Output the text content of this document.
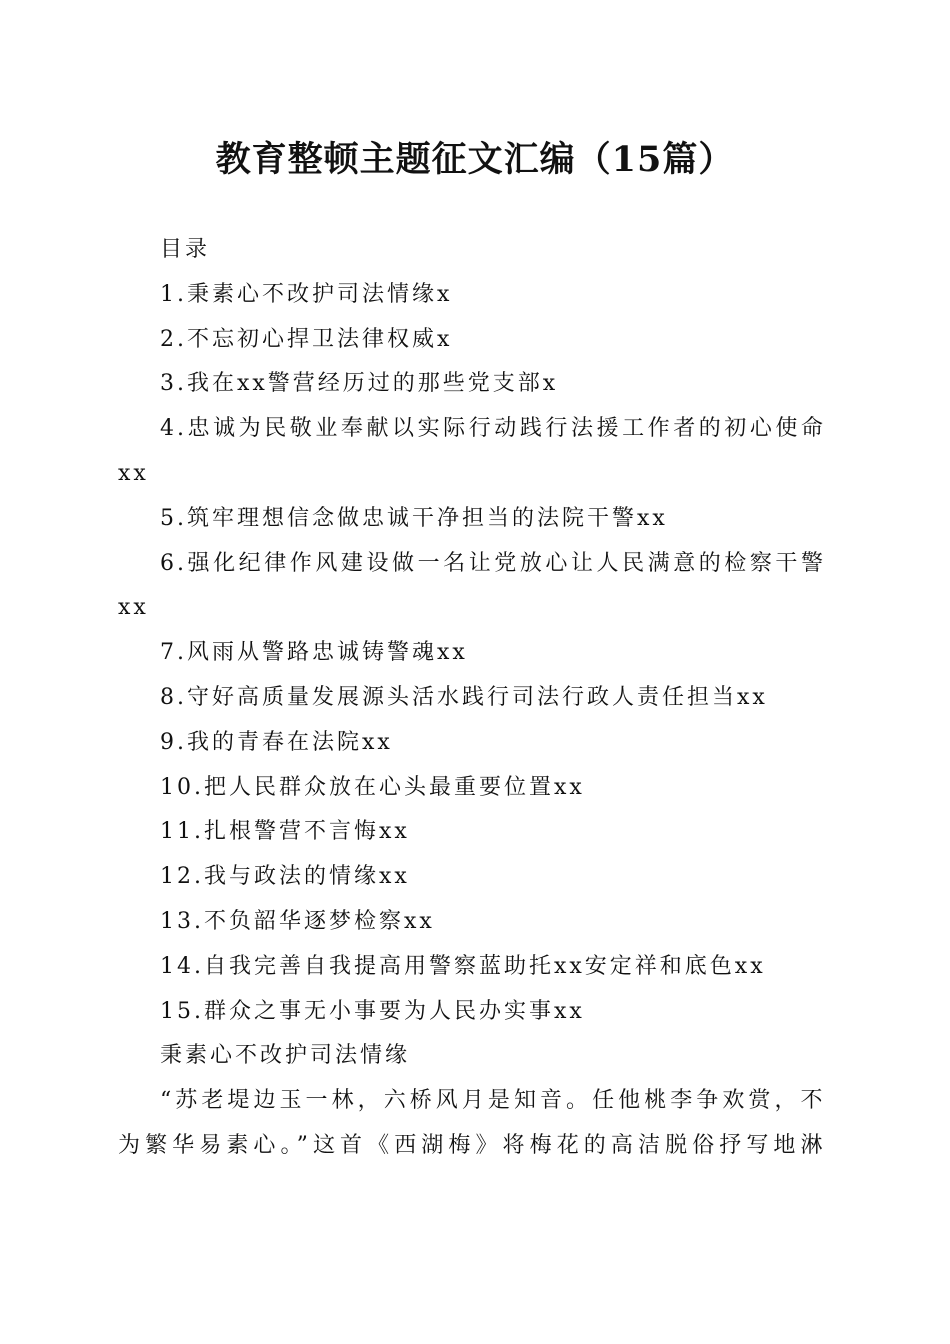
教育整顿主题征文汇编（15篇）

目录

1.秉素心不改护司法情缘x

2.不忘初心捍卫法律权威x

3.我在xx警营经历过的那些党支部x

4.忠诚为民敬业奉献以实际行动践行法援工作者的初心使命xx

5.筑牢理想信念做忠诚干净担当的法院干警xx

6.强化纪律作风建设做一名让党放心让人民满意的检察干警xx

7.风雨从警路忠诚铸警魂xx

8.守好高质量发展源头活水践行司法行政人责任担当xx

9.我的青春在法院xx

10.把人民群众放在心头最重要位置xx

11.扎根警营不言悔xx

12.我与政法的情缘xx

13.不负韶华逐梦检察xx

14.自我完善自我提高用警察蓝助托xx安定祥和底色xx

15.群众之事无小事要为人民办实事xx

秉素心不改护司法情缘

“苏老堤边玉一林，六桥风月是知音。任他桃李争欢赏，不

为繁华易素心。”这首《西湖梅》将梅花的高洁脱俗抒写地淋
